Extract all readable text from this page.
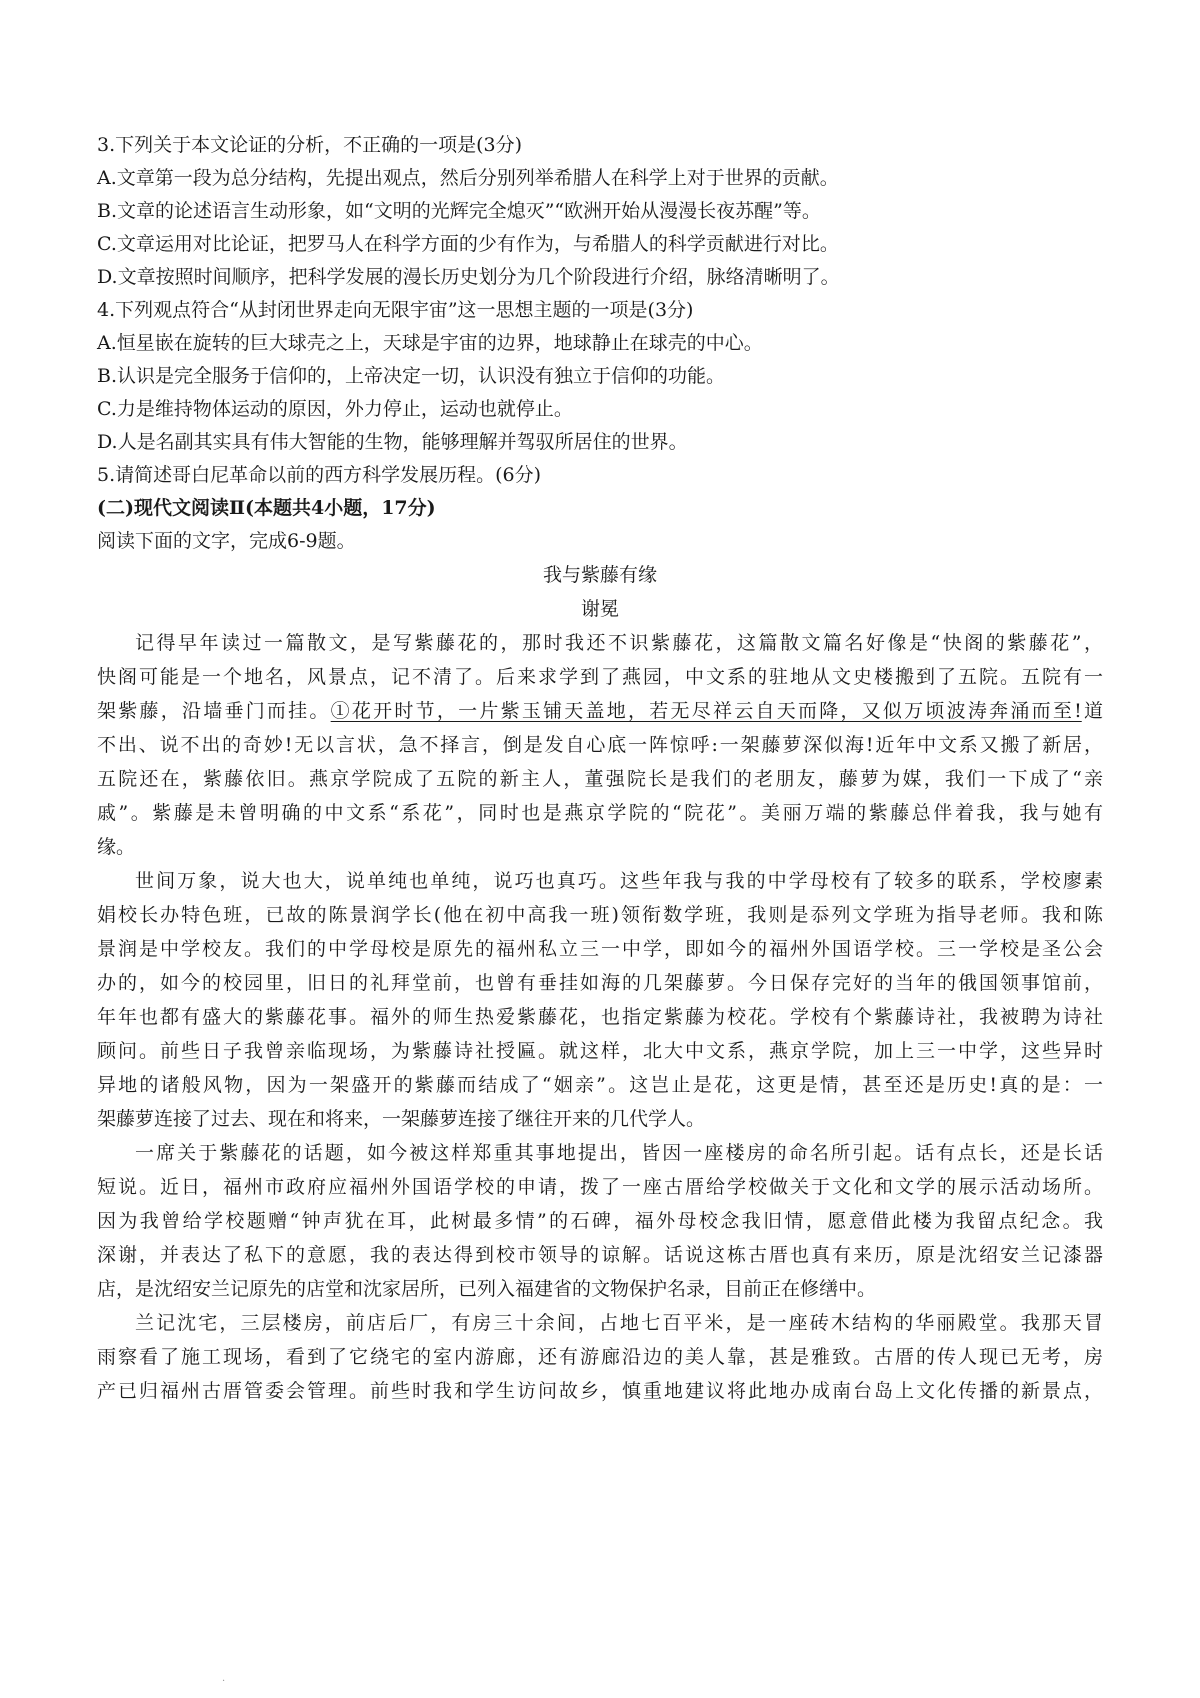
3.下列关于本文论证的分析，不正确的一项是(3分)
A.文章第一段为总分结构，先提出观点，然后分别列举希腊人在科学上对于世界的贡献。
B.文章的论述语言生动形象，如“文明的光辉完全熄灭”“欧洲开始从漫漫长夜苏醒”等。
C.文章运用对比论证，把罗马人在科学方面的少有作为，与希腊人的科学贡献进行对比。
D.文章按照时间顺序，把科学发展的漫长历史划分为几个阶段进行介绍，脉络清晰明了。
4.下列观点符合“从封闭世界走向无限宇宙”这一思想主题的一项是(3分)
A.恒星嵌在旋转的巨大球壳之上，天球是宇宙的边界，地球静止在球壳的中心。
B.认识是完全服务于信仰的，上帝决定一切，认识没有独立于信仰的功能。
C.力是维持物体运动的原因，外力停止，运动也就停止。
D.人是名副其实具有伟大智能的生物，能够理解并驾驭所居住的世界。
5.请简述哥白尼革命以前的西方科学发展历程。(6分)
(二)现代文阅读Ⅱ(本题共4小题，17分)
阅读下面的文字，完成6-9题。
我与紫藤有缘
谢冕
记得早年读过一篇散文，是写紫藤花的，那时我还不识紫藤花，这篇散文篇名好像是“快阁的紫藤花”，
快阁可能是一个地名，风景点，记不清了。后来求学到了燕园，中文系的驻地从文史楼搬到了五院。五院有一
架紫藤，沿墙垂门而挂。①花开时节，一片紫玉铺天盖地，若无尽祥云自天而降，又似万顷波涛奔涌而至!道
不出、说不出的奇妙!无以言状，急不择言，倒是发自心底一阵惊呼:一架藤萝深似海!近年中文系又搬了新居，
五院还在，紫藤依旧。燕京学院成了五院的新主人，董强院长是我们的老朋友，藤萝为媒，我们一下成了“亲
戚”。紫藤是未曾明确的中文系“系花”，同时也是燕京学院的“院花”。美丽万端的紫藤总伴着我，我与她有
缘。
世间万象，说大也大，说单纯也单纯，说巧也真巧。这些年我与我的中学母校有了较多的联系，学校廖素
娟校长办特色班，已故的陈景润学长(他在初中高我一班)领衔数学班，我则是忝列文学班为指导老师。我和陈
景润是中学校友。我们的中学母校是原先的福州私立三一中学，即如今的福州外国语学校。三一学校是圣公会
办的，如今的校园里，旧日的礼拜堂前，也曾有垂挂如海的几架藤萝。今日保存完好的当年的俄国领事馆前，
年年也都有盛大的紫藤花事。福外的师生热爱紫藤花，也指定紫藤为校花。学校有个紫藤诗社，我被聘为诗社
顾问。前些日子我曾亲临现场，为紫藤诗社授匾。就这样，北大中文系，燕京学院，加上三一中学，这些异时
异地的诸般风物，因为一架盛开的紫藤而结成了“姻亲”。这岂止是花，这更是情，甚至还是历史!真的是：一
架藤萝连接了过去、现在和将来，一架藤萝连接了继往开来的几代学人。
一席关于紫藤花的话题，如今被这样郑重其事地提出，皆因一座楼房的命名所引起。话有点长，还是长话
短说。近日，福州市政府应福州外国语学校的申请，拨了一座古厝给学校做关于文化和文学的展示活动场所。
因为我曾给学校题赠“钟声犹在耳，此树最多情”的石碑，福外母校念我旧情，愿意借此楼为我留点纪念。我
深谢，并表达了私下的意愿，我的表达得到校市领导的谅解。话说这栋古厝也真有来历，原是沈绍安兰记漆器
店，是沈绍安兰记原先的店堂和沈家居所，已列入福建省的文物保护名录，目前正在修缮中。
兰记沈宅，三层楼房，前店后厂，有房三十余间，占地七百平米，是一座砖木结构的华丽殿堂。我那天冒
雨察看了施工现场，看到了它绕宅的室内游廊，还有游廊沿边的美人靠，甚是雅致。古厝的传人现已无考，房
产已归福州古厝管委会管理。前些时我和学生访问故乡，慎重地建议将此地办成南台岛上文化传播的新景点，
·
